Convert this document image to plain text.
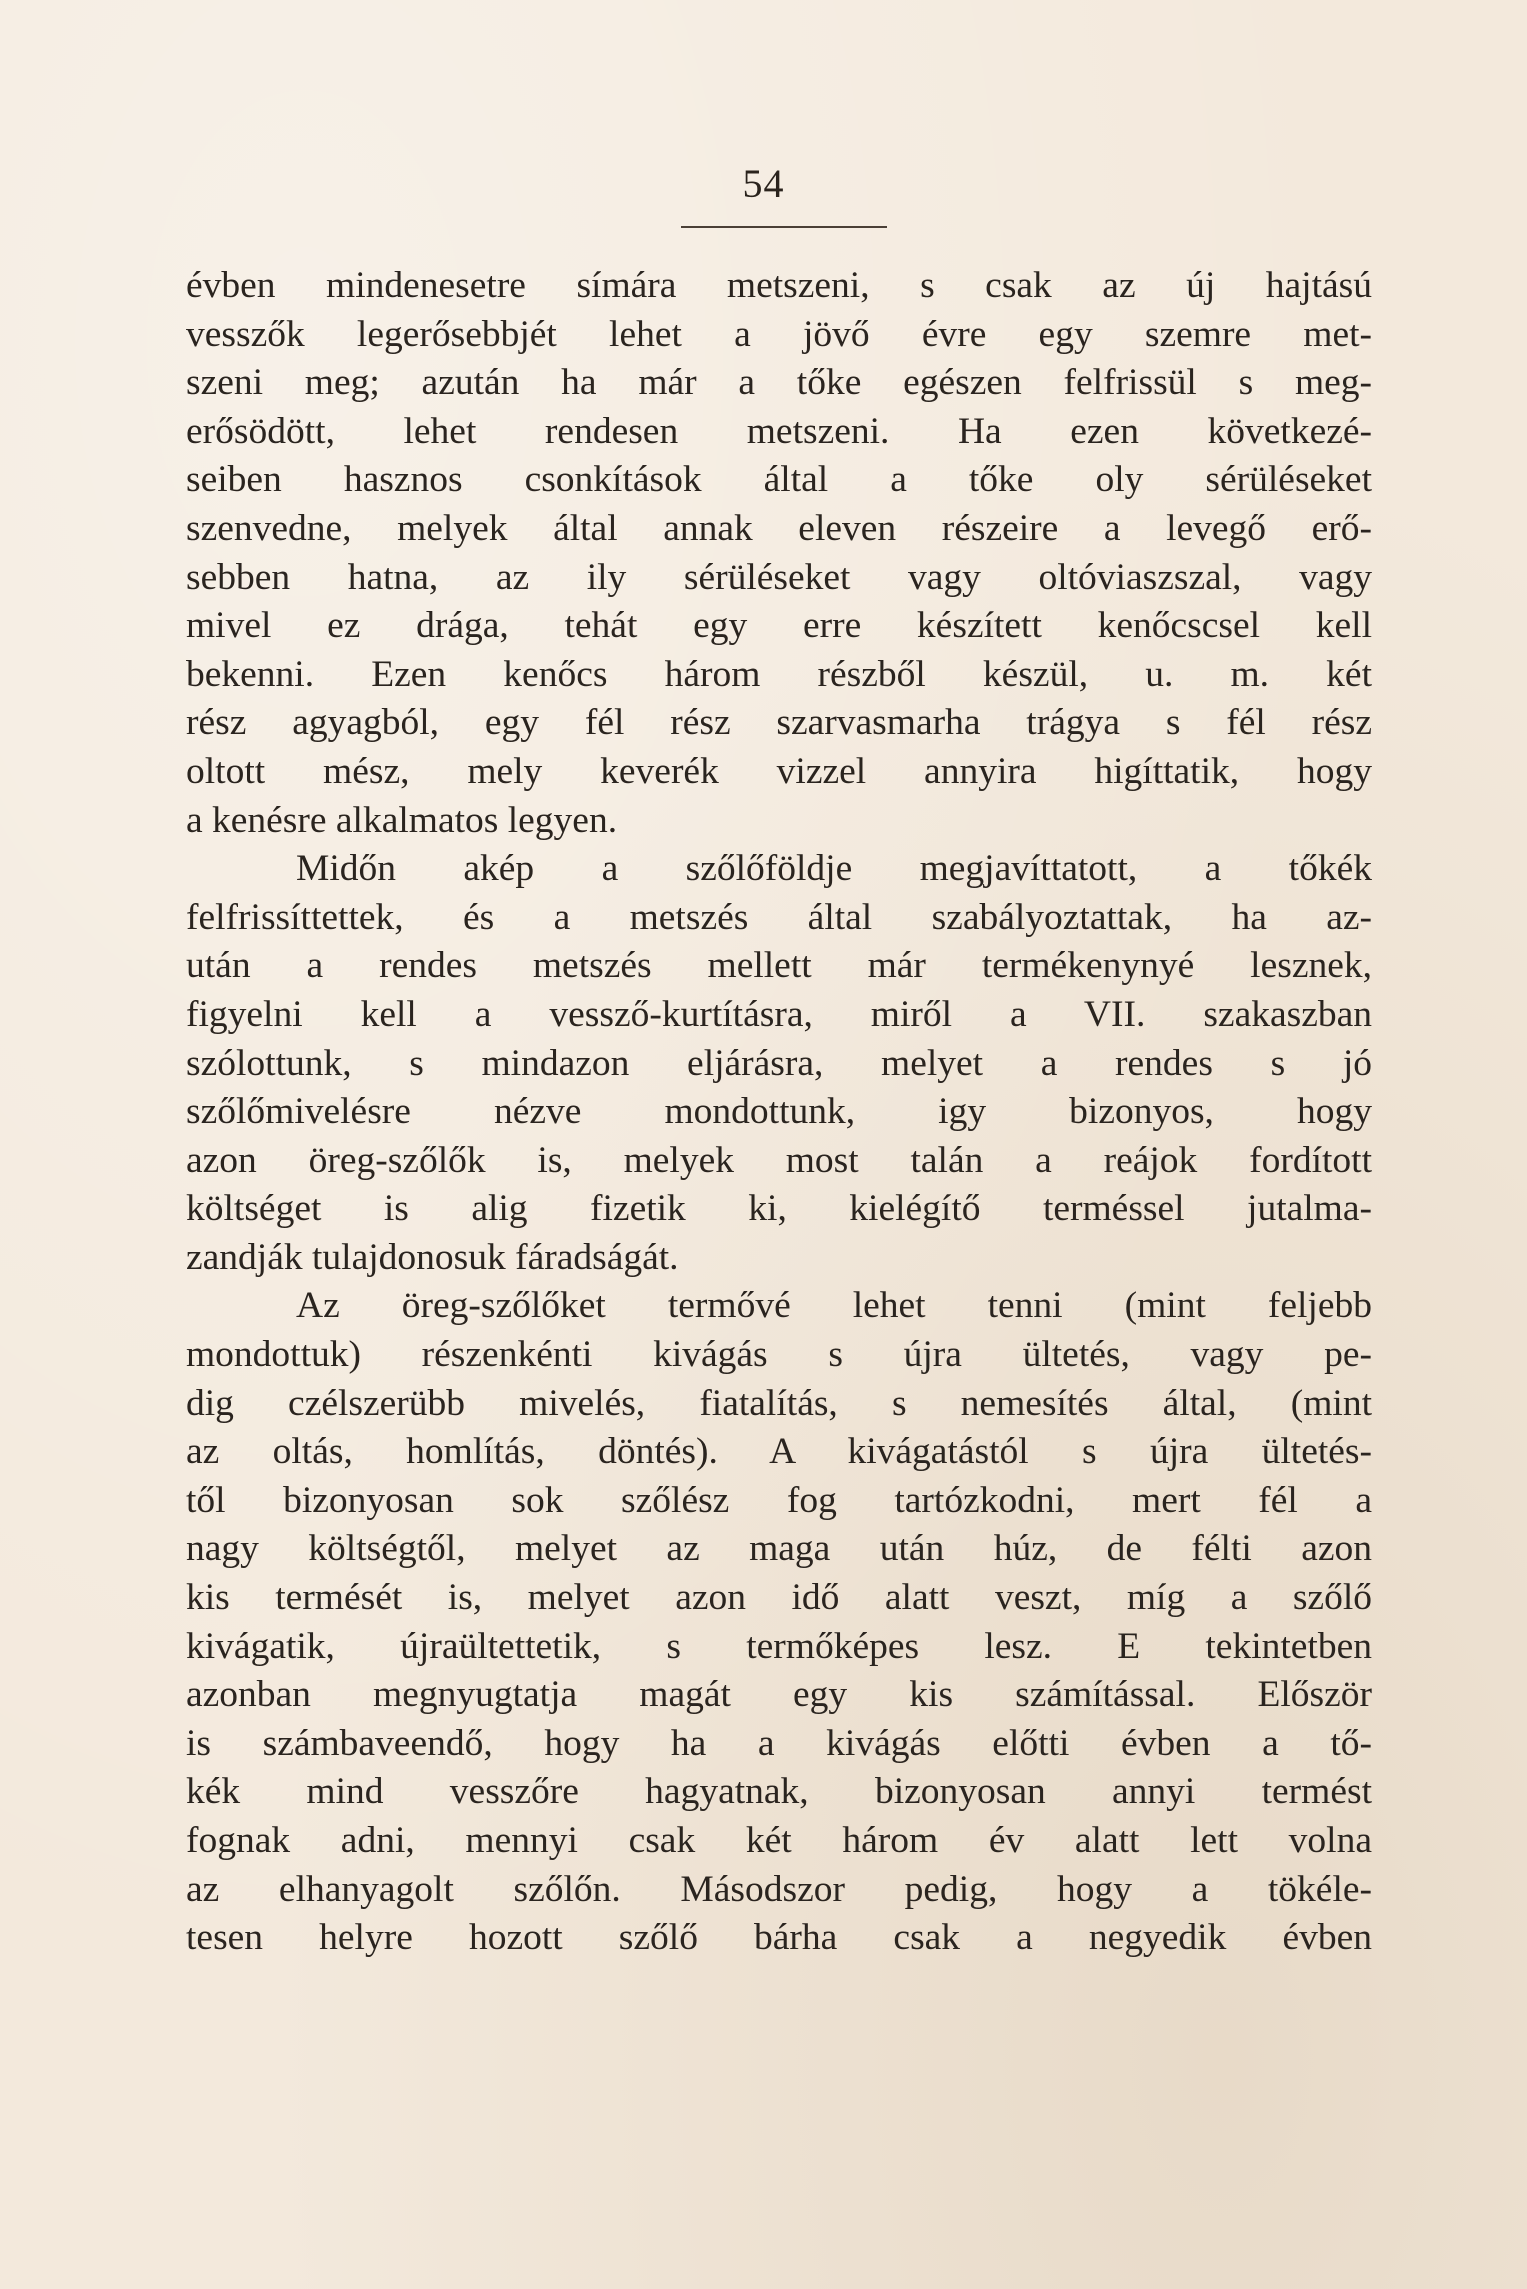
54
évben mindenesetre símára metszeni, s csak az új hajtású
vesszők legerősebbjét lehet a jövő évre egy szemre met-
szeni meg; azután ha már a tőke egészen felfrissül s meg-
erősödött, lehet rendesen metszeni. Ha ezen következé-
seiben hasznos csonkítások által a tőke oly sérüléseket
szenvedne, melyek által annak eleven részeire a levegő erő-
sebben hatna, az ily sérüléseket vagy oltóviaszszal, vagy
mivel ez drága, tehát egy erre készített kenőcscsel kell
bekenni. Ezen kenőcs három részből készül, u. m. két
rész agyagból, egy fél rész szarvasmarha trágya s fél rész
oltott mész, mely keverék vizzel annyira higíttatik, hogy
a kenésre alkalmatos legyen.
Midőn akép a szőlőföldje megjavíttatott, a tőkék
felfrissíttettek, és a metszés által szabályoztattak, ha az-
után a rendes metszés mellett már termékenynyé lesznek,
figyelni kell a vessző-kurtításra, miről a VII. szakaszban
szólottunk, s mindazon eljárásra, melyet a rendes s jó
szőlőmivelésre nézve mondottunk, igy bizonyos, hogy
azon öreg-szőlők is, melyek most talán a reájok fordított
költséget is alig fizetik ki, kielégítő terméssel jutalma-
zandják tulajdonosuk fáradságát.
Az öreg-szőlőket termővé lehet tenni (mint feljebb
mondottuk) részenkénti kivágás s újra ültetés, vagy pe-
dig czélszerübb mivelés, fiatalítás, s nemesítés által, (mint
az oltás, homlítás, döntés). A kivágatástól s újra ültetés-
től bizonyosan sok szőlész fog tartózkodni, mert fél a
nagy költségtől, melyet az maga után húz, de félti azon
kis termését is, melyet azon idő alatt veszt, míg a szőlő
kivágatik, újraültettetik, s termőképes lesz. E tekintetben
azonban megnyugtatja magát egy kis számítással. Először
is számbaveendő, hogy ha a kivágás előtti évben a tő-
kék mind vesszőre hagyatnak, bizonyosan annyi termést
fognak adni, mennyi csak két három év alatt lett volna
az elhanyagolt szőlőn. Másodszor pedig, hogy a tökéle-
tesen helyre hozott szőlő bárha csak a negyedik évben
